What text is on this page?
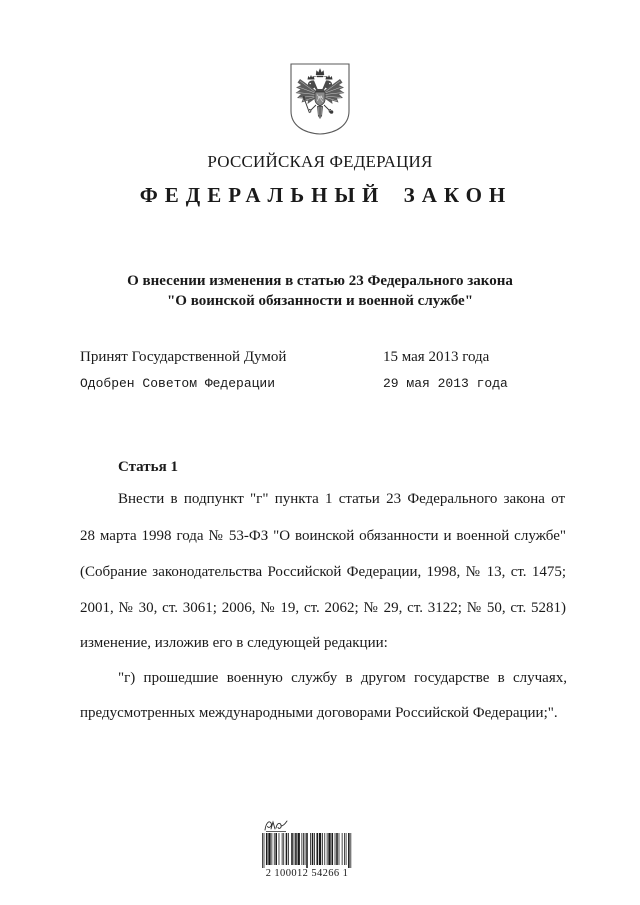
РОССИЙСКАЯ ФЕДЕРАЦИЯ
ФЕДЕРАЛЬНЫЙ ЗАКОН
О внесении изменения в статью 23 Федерального закона
"О воинской обязанности и военной службе"
Принят Государственной Думой	15 мая 2013 года
Одобрен Советом Федерации	29 мая 2013 года
Статья 1
Внести в подпункт "г" пункта 1 статьи 23 Федерального закона от
28 марта 1998 года № 53-ФЗ "О воинской обязанности и военной службе"
(Собрание законодательства Российской Федерации, 1998, № 13, ст. 1475;
2001, № 30, ст. 3061; 2006, № 19, ст. 2062; № 29, ст. 3122; № 50, ст. 5281)
изменение, изложив его в следующей редакции:
"г) прошедшие военную службу в другом государстве в случаях,
предусмотренных международными договорами Российской Федерации;".
2 100012 54266 1
